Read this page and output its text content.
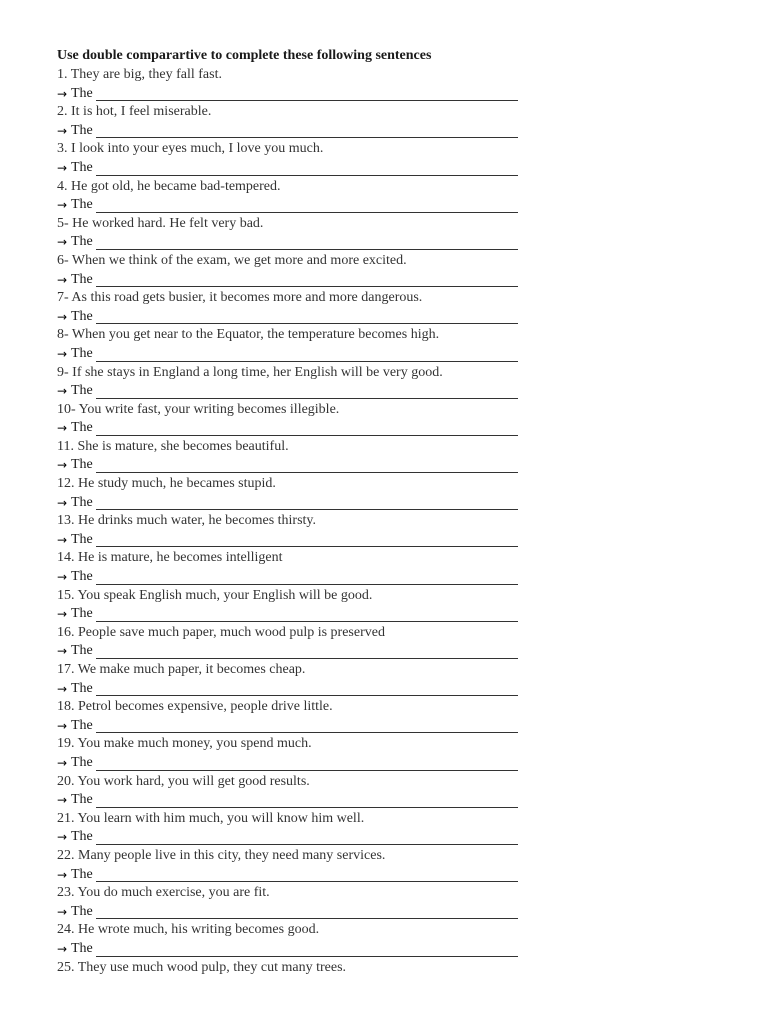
Use double comparartive to complete these following sentences
1. They are big, they fall fast.
→ The
2. It is hot, I feel miserable.
→ The
3. I look into your eyes much, I love you much.
→ The
4. He got old, he became bad-tempered.
→ The
5- He worked hard. He felt very bad.
→ The
6- When we think of the exam, we get more and more excited.
→ The
7- As this road gets busier, it becomes more and more dangerous.
→ The
8- When you get near to the Equator, the temperature becomes high.
→ The
9- If she stays in England a long time, her English will be very good.
→ The
10- You write fast, your writing becomes illegible.
→ The
11. She is mature, she becomes beautiful.
→ The
12. He study much, he becames stupid.
→ The
13. He drinks much water, he becomes thirsty.
→ The
14. He is mature, he becomes intelligent
→ The
15. You speak English much, your English will be good.
→ The
16. People save much paper, much wood pulp is preserved
→ The
17. We make much paper, it becomes cheap.
→ The
18. Petrol becomes expensive, people drive little.
→ The
19. You make much money, you spend much.
→ The
20. You work hard, you will get good results.
→ The
21. You learn with him much, you will know him well.
→ The
22. Many people live in this city, they need many services.
→ The
23. You do much exercise, you are fit.
→ The
24. He wrote much, his writing becomes good.
→ The
25. They use much wood pulp, they cut many trees.
